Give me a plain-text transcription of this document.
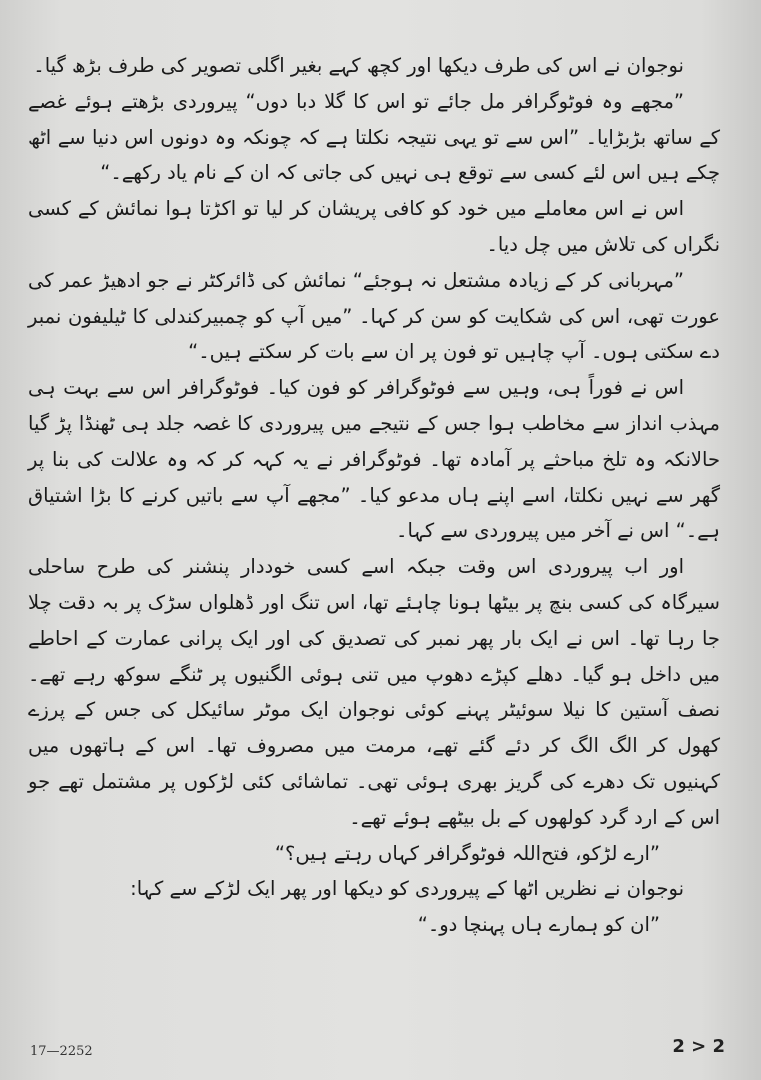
نوجوان نے اس کی طرف دیکھا اور کچھ کہے بغیر اگلی تصویر کی طرف بڑھ گیا۔

”مجھے وہ فوٹوگرافر مل جائے تو اس کا گلا دبا دوں“ پیروردی بڑھتے ہوئے غصے کے ساتھ بڑبڑایا۔ ”اس سے تو یہی نتیجہ نکلتا ہے کہ چونکہ وہ دونوں اس دنیا سے اٹھ چکے ہیں اس لئے کسی سے توقع ہی نہیں کی جاتی کہ ان کے نام یاد رکھے۔“

اس نے اس معاملے میں خود کو کافی پریشان کر لیا تو اکڑتا ہوا نمائش کے کسی نگراں کی تلاش میں چل دیا۔

”مہربانی کر کے زیادہ مشتعل نہ ہوجئے“ نمائش کی ڈائرکٹر نے جو ادھیڑ عمر کی عورت تھی، اس کی شکایت کو سن کر کہا۔ ”میں آپ کو چمبیرکندلی کا ٹیلیفون نمبر دے سکتی ہوں۔ آپ چاہیں تو فون پر ان سے بات کر سکتے ہیں۔“

اس نے فوراً ہی، وہیں سے فوٹوگرافر کو فون کیا۔ فوٹوگرافر اس سے بہت ہی مہذب انداز سے مخاطب ہوا جس کے نتیجے میں پیروردی کا غصہ جلد ہی ٹھنڈا پڑ گیا حالانکہ وہ تلخ مباحثے پر آمادہ تھا۔ فوٹوگرافر نے یہ کہہ کر کہ وہ علالت کی بنا پر گھر سے نہیں نکلتا، اسے اپنے ہاں مدعو کیا۔ ”مجھے آپ سے باتیں کرنے کا بڑا اشتیاق ہے۔“ اس نے آخر میں پیروردی سے کہا۔

اور اب پیروردی اس وقت جبکہ اسے کسی خوددار پنشنر کی طرح ساحلی سیرگاہ کی کسی بنچ پر بیٹھا ہونا چاہئے تھا، اس تنگ اور ڈھلواں سڑک پر بہ دقت چلا جا رہا تھا۔ اس نے ایک بار پھر نمبر کی تصدیق کی اور ایک پرانی عمارت کے احاطے میں داخل ہو گیا۔ دھلے کپڑے دھوپ میں تنی ہوئی الگنیوں پر ٹنگے سوکھ رہے تھے۔ نصف آستین کا نیلا سوئیٹر پہنے کوئی نوجوان ایک موٹر سائیکل کی جس کے پرزے کھول کر الگ الگ کر دئے گئے تھے، مرمت میں مصروف تھا۔ اس کے ہاتھوں میں کہنیوں تک دھرے کی گریز بھری ہوئی تھی۔ تماشائی کئی لڑکوں پر مشتمل تھے جو اس کے ارد گرد کولھوں کے بل بیٹھے ہوئے تھے۔

”ارے لڑکو، فتح‌اللہ فوٹوگرافر کہاں رہتے ہیں؟“

نوجوان نے نظریں اٹھا کے پیروردی کو دیکھا اور پھر ایک لڑکے سے کہا:

”ان کو ہمارے ہاں پہنچا دو۔“

17—2252	2 > 2
